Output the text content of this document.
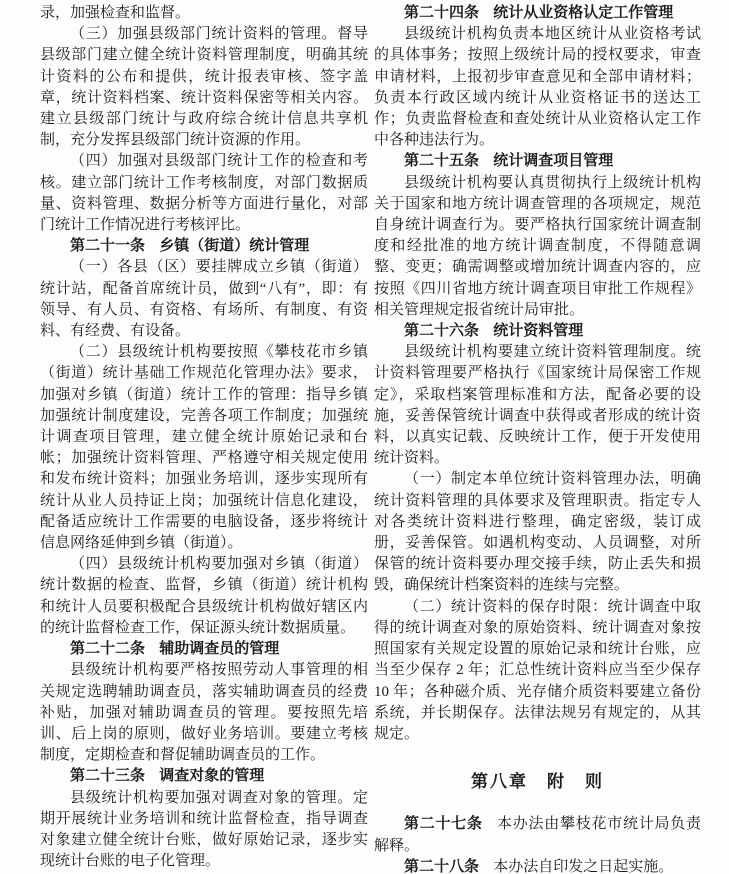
录，加强检查和监督。

（三）加强县级部门统计资料的管理。督导县级部门建立健全统计资料管理制度，明确其统计资料的公布和提供，统计报表审核、签字盖章，统计资料档案、统计资料保密等相关内容。建立县级部门统计与政府综合统计信息共享机制，充分发挥县级部门统计资源的作用。

（四）加强对县级部门统计工作的检查和考核。建立部门统计工作考核制度，对部门数据质量、资料管理、数据分析等方面进行量化，对部门统计工作情况进行考核评比。

第二十一条 乡镇（街道）统计管理

（一）各县（区）要挂牌成立乡镇（街道）统计站，配备首席统计员，做到“八有”，即：有领导、有人员、有资格、有场所、有制度、有资料、有经费、有设备。

（二）县级统计机构要按照《攀枝花市乡镇（街道）统计基础工作规范化管理办法》要求，加强对乡镇（街道）统计工作的管理：指导乡镇加强统计制度建设，完善各项工作制度；加强统计调查项目管理，建立健全统计原始记录和台帐；加强统计资料管理、严格遵守相关规定使用和发布统计资料；加强业务培训，逐步实现所有统计从业人员持证上岗；加强统计信息化建设，配备适应统计工作需要的电脑设备，逐步将统计信息网络延伸到乡镇（街道）。

（四）县级统计机构要加强对乡镇（街道）统计数据的检查、监督，乡镇（街道）统计机构和统计人员要积极配合县级统计机构做好辖区内的统计监督检查工作，保证源头统计数据质量。

第二十二条 辅助调查员的管理

县级统计机构要严格按照劳动人事管理的相关规定选聘辅助调查员，落实辅助调查员的经费补贴，加强对辅助调查员的管理。要按照先培训、后上岗的原则，做好业务培训。要建立考核制度，定期检查和督促辅助调查员的工作。

第二十三条 调查对象的管理

县级统计机构要加强对调查对象的管理。定期开展统计业务培训和统计监督检查，指导调查对象建立健全统计台账，做好原始记录，逐步实现统计台账的电子化管理。

第二十四条 统计从业资格认定工作管理

县级统计机构负责本地区统计从业资格考试的具体事务；按照上级统计局的授权要求，审查申请材料，上报初步审查意见和全部申请材料；负责本行政区域内统计从业资格证书的送达工作；负责监督检查和查处统计从业资格认定工作中各种违法行为。

第二十五条 统计调查项目管理

县级统计机构要认真贯彻执行上级统计机构关于国家和地方统计调查管理的各项规定，规范自身统计调查行为。要严格执行国家统计调查制度和经批准的地方统计调查制度，不得随意调整、变更；确需调整或增加统计调查内容的，应按照《四川省地方统计调查项目审批工作规程》相关管理规定报省统计局审批。

第二十六条 统计资料管理

县级统计机构要建立统计资料管理制度。统计资料管理要严格执行《国家统计局保密工作规定》，采取档案管理标准和方法，配备必要的设施，妥善保管统计调查中获得或者形成的统计资料，以真实记载、反映统计工作，便于开发使用统计资料。

（一）制定本单位统计资料管理办法，明确统计资料管理的具体要求及管理职责。指定专人对各类统计资料进行整理，确定密级，装订成册，妥善保管。如遇机构变动、人员调整，对所保管的统计资料要办理交接手续，防止丢失和损毁，确保统计档案资料的连续与完整。

（二）统计资料的保存时限：统计调查中取得的统计调查对象的原始资料、统计调查对象按照国家有关规定设置的原始记录和统计台账，应当至少保存 2 年；汇总性统计资料应当至少保存 10 年；各种磁介质、光存储介质资料要建立备份系统，并长期保存。法律法规另有规定的，从其规定。

第八章　附　则

第二十七条 本办法由攀枝花市统计局负责解释。

第二十八条 本办法自印发之日起实施。
